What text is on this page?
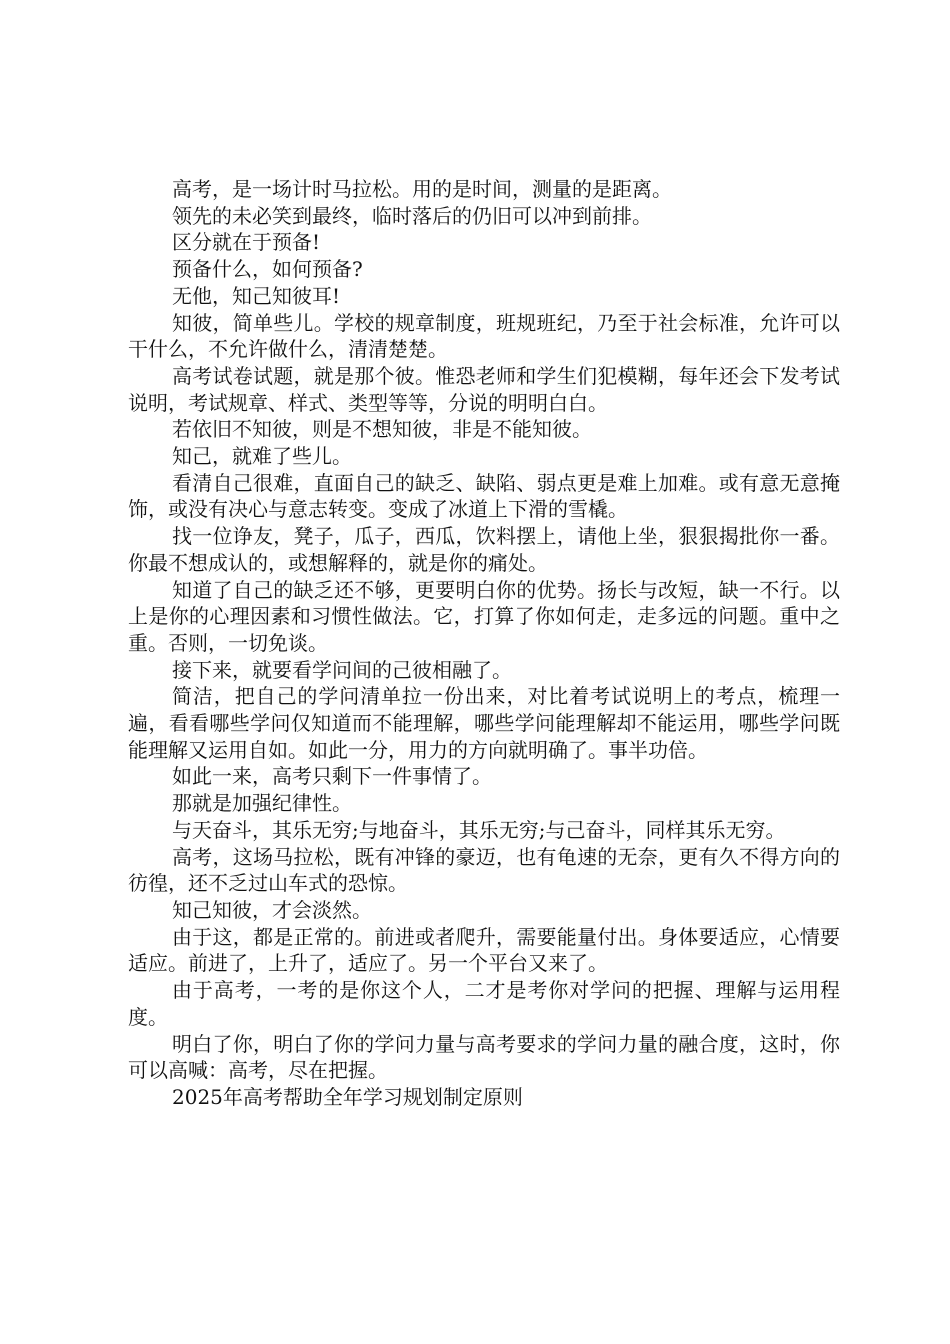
高考，是一场计时马拉松。用的是时间，测量的是距离。

领先的未必笑到最终，临时落后的仍旧可以冲到前排。

区分就在于预备!

预备什么，如何预备?

无他，知己知彼耳!

知彼，简单些儿。学校的规章制度，班规班纪，乃至于社会标准，允许可以干什么，不允许做什么，清清楚楚。

高考试卷试题，就是那个彼。惟恐老师和学生们犯模糊，每年还会下发考试说明，考试规章、样式、类型等等，分说的明明白白。

若依旧不知彼，则是不想知彼，非是不能知彼。

知己，就难了些儿。

看清自己很难，直面自己的缺乏、缺陷、弱点更是难上加难。或有意无意掩饰，或没有决心与意志转变。变成了冰道上下滑的雪橇。

找一位诤友，凳子，瓜子，西瓜，饮料摆上，请他上坐，狠狠揭批你一番。你最不想成认的，或想解释的，就是你的痛处。

知道了自己的缺乏还不够，更要明白你的优势。扬长与改短，缺一不行。以上是你的心理因素和习惯性做法。它，打算了你如何走，走多远的问题。重中之重。否则，一切免谈。

接下来，就要看学问间的己彼相融了。

简洁，把自己的学问清单拉一份出来，对比着考试说明上的考点，梳理一遍，看看哪些学问仅知道而不能理解，哪些学问能理解却不能运用，哪些学问既能理解又运用自如。如此一分，用力的方向就明确了。事半功倍。

如此一来，高考只剩下一件事情了。

那就是加强纪律性。

与天奋斗，其乐无穷;与地奋斗，其乐无穷;与己奋斗，同样其乐无穷。

高考，这场马拉松，既有冲锋的豪迈，也有龟速的无奈，更有久不得方向的彷徨，还不乏过山车式的恐惊。

知己知彼，才会淡然。

由于这，都是正常的。前进或者爬升，需要能量付出。身体要适应，心情要适应。前进了，上升了，适应了。另一个平台又来了。

由于高考，一考的是你这个人，二才是考你对学问的把握、理解与运用程度。

明白了你，明白了你的学问力量与高考要求的学问力量的融合度，这时，你可以高喊：高考，尽在把握。

2025年高考帮助全年学习规划制定原则
